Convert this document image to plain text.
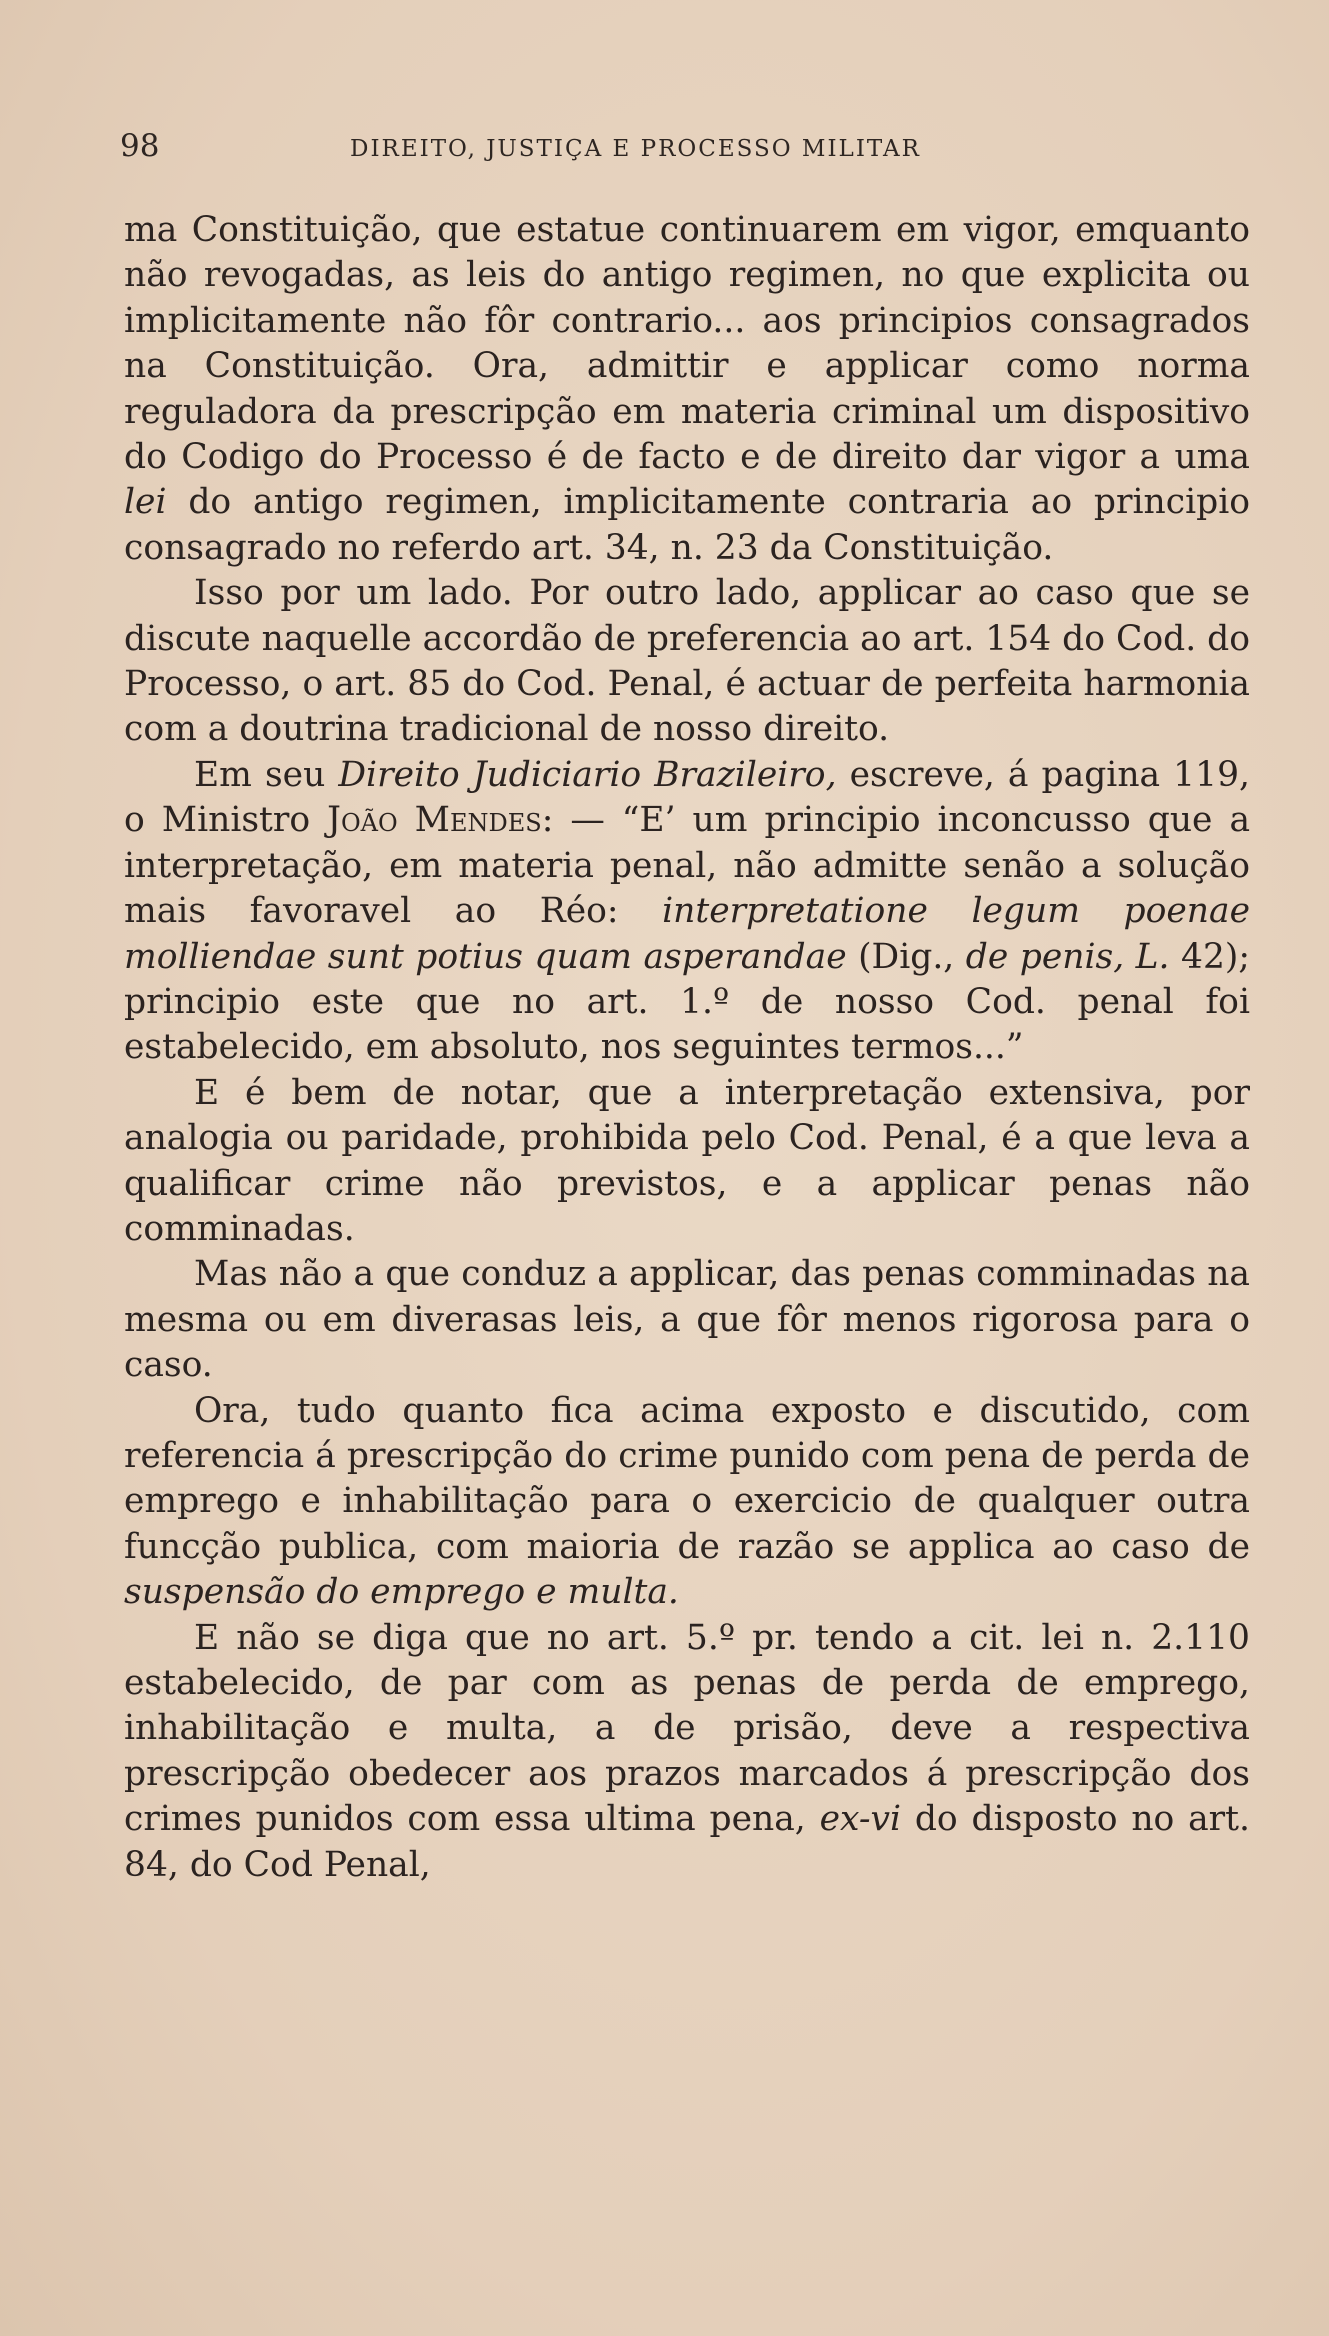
98	DIREITO, JUSTIÇA E PROCESSO MILITAR

ma Constituição, que estatue continuarem em vigor, emquanto não revogadas, as leis do antigo regimen, no que explicita ou implicitamente não fôr contrario... aos principios consagrados na Constituição. Ora, admittir e applicar como norma reguladora da prescripção em materia criminal um dispositivo do Codigo do Processo é de facto e de direito dar vigor a uma lei do antigo regimen, implicitamente contraria ao principio consagrado no referdo art. 34, n. 23 da Constituição.

Isso por um lado. Por outro lado, applicar ao caso que se discute naquelle accordão de preferencia ao art. 154 do Cod. do Processo, o art. 85 do Cod. Penal, é actuar de perfeita harmonia com a doutrina tradicional de nosso direito.

Em seu Direito Judiciario Brazileiro, escreve, á pagina 119, o Ministro João Mendes: — “E’ um principio inconcusso que a interpretação, em materia penal, não admitte senão a solução mais favoravel ao Réo: interpretatione legum poenae molliendae sunt potius quam asperandae (Dig., de penis, L. 42); principio este que no art. 1.º de nosso Cod. penal foi estabelecido, em absoluto, nos seguintes termos...”

E é bem de notar, que a interpretação extensiva, por analogia ou paridade, prohibida pelo Cod. Penal, é a que leva a qualificar crime não previstos, e a applicar penas não comminadas.

Mas não a que conduz a applicar, das penas comminadas na mesma ou em diverasas leis, a que fôr menos rigorosa para o caso.

Ora, tudo quanto fica acima exposto e discutido, com referencia á prescripção do crime punido com pena de perda de emprego e inhabilitação para o exercicio de qualquer outra funcção publica, com maioria de razão se applica ao caso de suspensão do emprego e multa.

E não se diga que no art. 5.º pr. tendo a cit. lei n. 2.110 estabelecido, de par com as penas de perda de emprego, inhabilitação e multa, a de prisão, deve a respectiva prescripção obedecer aos prazos marcados á prescripção dos crimes punidos com essa ultima pena, ex-vi do disposto no art. 84, do Cod Penal,
